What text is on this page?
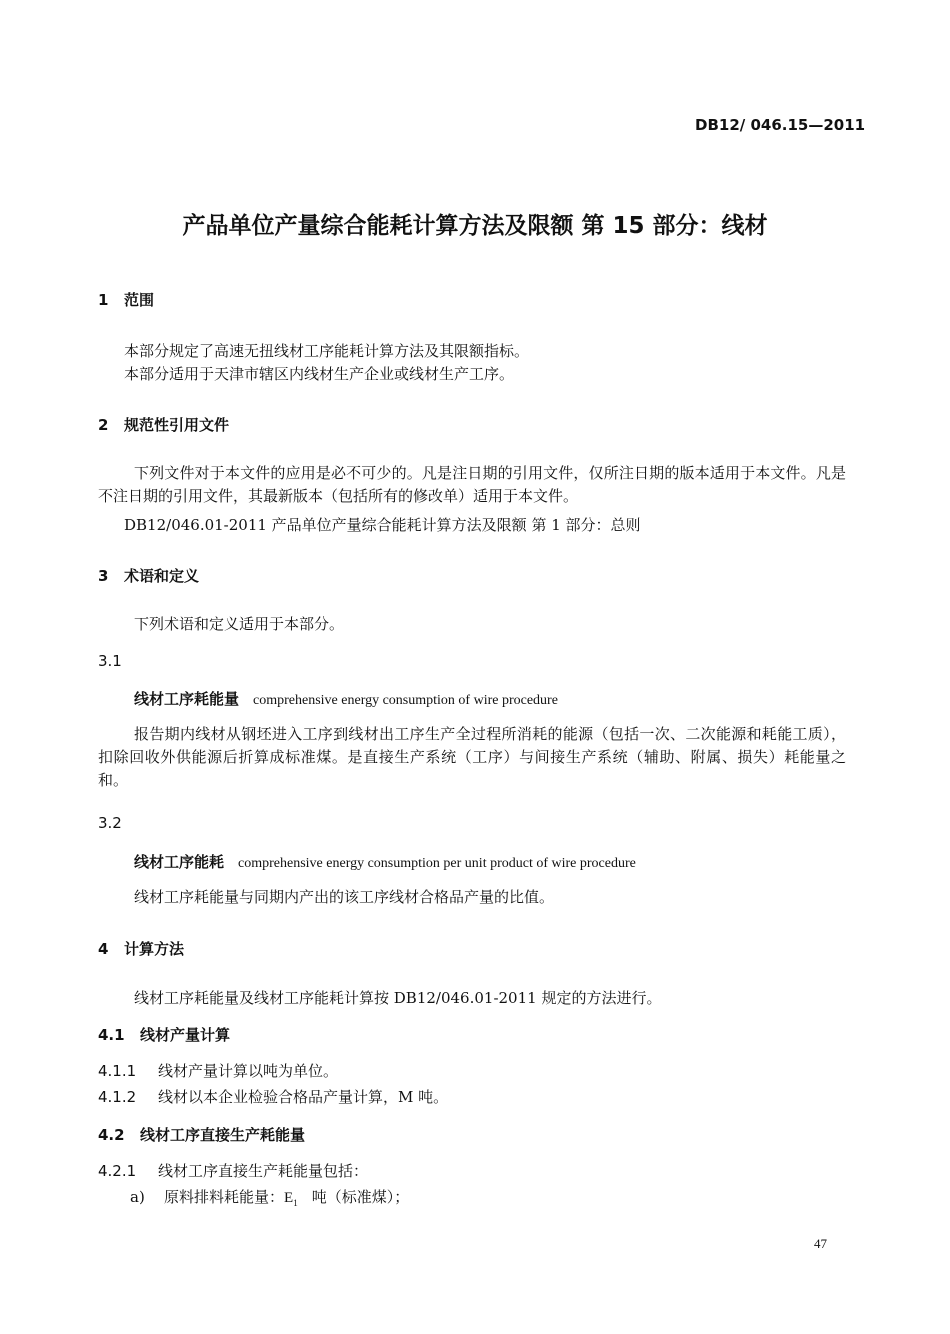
DB12/ 046.15—2011
产品单位产量综合能耗计算方法及限额 第 15 部分：线材
1 范围
本部分规定了高速无扭线材工序能耗计算方法及其限额指标。
本部分适用于天津市辖区内线材生产企业或线材生产工序。
2 规范性引用文件
下列文件对于本文件的应用是必不可少的。凡是注日期的引用文件，仅所注日期的版本适用于本文件。凡是不注日期的引用文件，其最新版本（包括所有的修改单）适用于本文件。
DB12/046.01-2011 产品单位产量综合能耗计算方法及限额 第 1 部分：总则
3 术语和定义
下列术语和定义适用于本部分。
3.1
线材工序耗能量 comprehensive energy consumption of wire procedure
报告期内线材从钢坯进入工序到线材出工序生产全过程所消耗的能源（包括一次、二次能源和耗能工质），扣除回收外供能源后折算成标准煤。是直接生产系统（工序）与间接生产系统（辅助、附属、损失）耗能量之和。
3.2
线材工序能耗 comprehensive energy consumption per unit product of wire procedure
线材工序耗能量与同期内产出的该工序线材合格品产量的比值。
4 计算方法
线材工序耗能量及线材工序能耗计算按 DB12/046.01-2011 规定的方法进行。
4.1 线材产量计算
4.1.1 线材产量计算以吨为单位。
4.1.2 线材以本企业检验合格品产量计算，M 吨。
4.2 线材工序直接生产耗能量
4.2.1 线材工序直接生产耗能量包括：
a) 原料排料耗能量：$E_1$ 吨（标准煤）；
47
